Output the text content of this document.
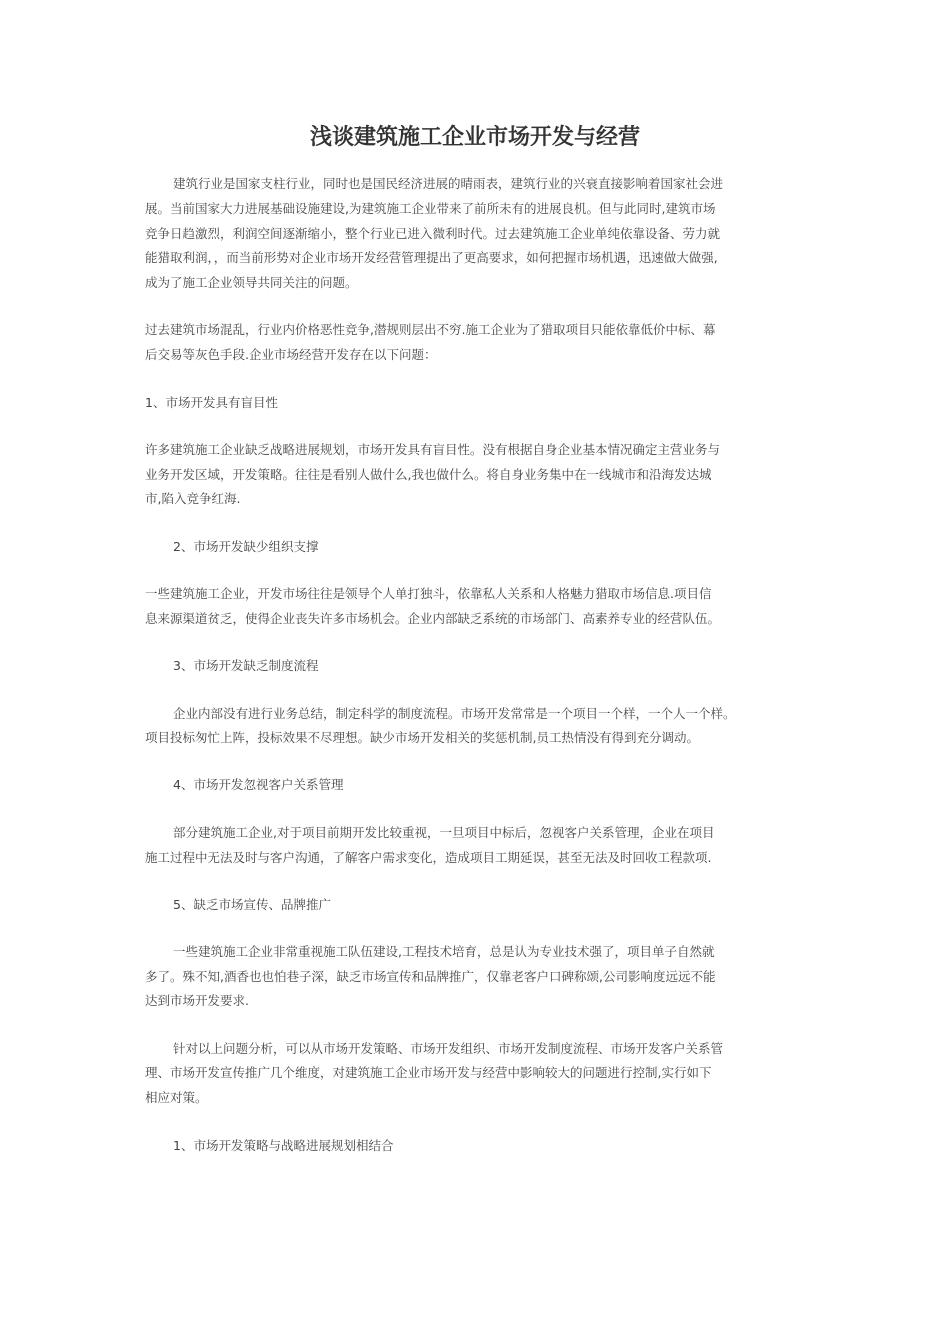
浅谈建筑施工企业市场开发与经营
建筑行业是国家支柱行业，同时也是国民经济进展的晴雨表，建筑行业的兴衰直接影响着国家社会进
展。当前国家大力进展基础设施建设,为建筑施工企业带来了前所未有的进展良机。但与此同时,建筑市场
竞争日趋激烈，利润空间逐渐缩小，整个行业已进入微利时代。过去建筑施工企业单纯依靠设备、劳力就
能猎取利润，，而当前形势对企业市场开发经营管理提出了更高要求，如何把握市场机遇，迅速做大做强,
成为了施工企业领导共同关注的问题。
过去建筑市场混乱，行业内价格恶性竞争,潜规则层出不穷.施工企业为了猎取项目只能依靠低价中标、幕
后交易等灰色手段.企业市场经营开发存在以下问题：
1、市场开发具有盲目性
许多建筑施工企业缺乏战略进展规划，市场开发具有盲目性。没有根据自身企业基本情况确定主营业务与
业务开发区域，开发策略。往往是看别人做什么,我也做什么。将自身业务集中在一线城市和沿海发达城
市,陷入竞争红海.
2、市场开发缺少组织支撑
一些建筑施工企业，开发市场往往是领导个人单打独斗，依靠私人关系和人格魅力猎取市场信息.项目信
息来源渠道贫乏，使得企业丧失许多市场机会。企业内部缺乏系统的市场部门、高素养专业的经营队伍。
3、市场开发缺乏制度流程
企业内部没有进行业务总结，制定科学的制度流程。市场开发常常是一个项目一个样，一个人一个样。
项目投标匆忙上阵，投标效果不尽理想。缺少市场开发相关的奖惩机制,员工热情没有得到充分调动。
4、市场开发忽视客户关系管理
部分建筑施工企业,对于项目前期开发比较重视，一旦项目中标后，忽视客户关系管理，企业在项目
施工过程中无法及时与客户沟通，了解客户需求变化，造成项目工期延误，甚至无法及时回收工程款项.
5、缺乏市场宣传、品牌推广
一些建筑施工企业非常重视施工队伍建设,工程技术培育，总是认为专业技术强了，项目单子自然就
多了。殊不知,酒香也也怕巷子深，缺乏市场宣传和品牌推广，仅靠老客户口碑称颂,公司影响度远远不能
达到市场开发要求.
针对以上问题分析，可以从市场开发策略、市场开发组织、市场开发制度流程、市场开发客户关系管
理、市场开发宣传推广几个维度，对建筑施工企业市场开发与经营中影响较大的问题进行控制,实行如下
相应对策。
1、市场开发策略与战略进展规划相结合
